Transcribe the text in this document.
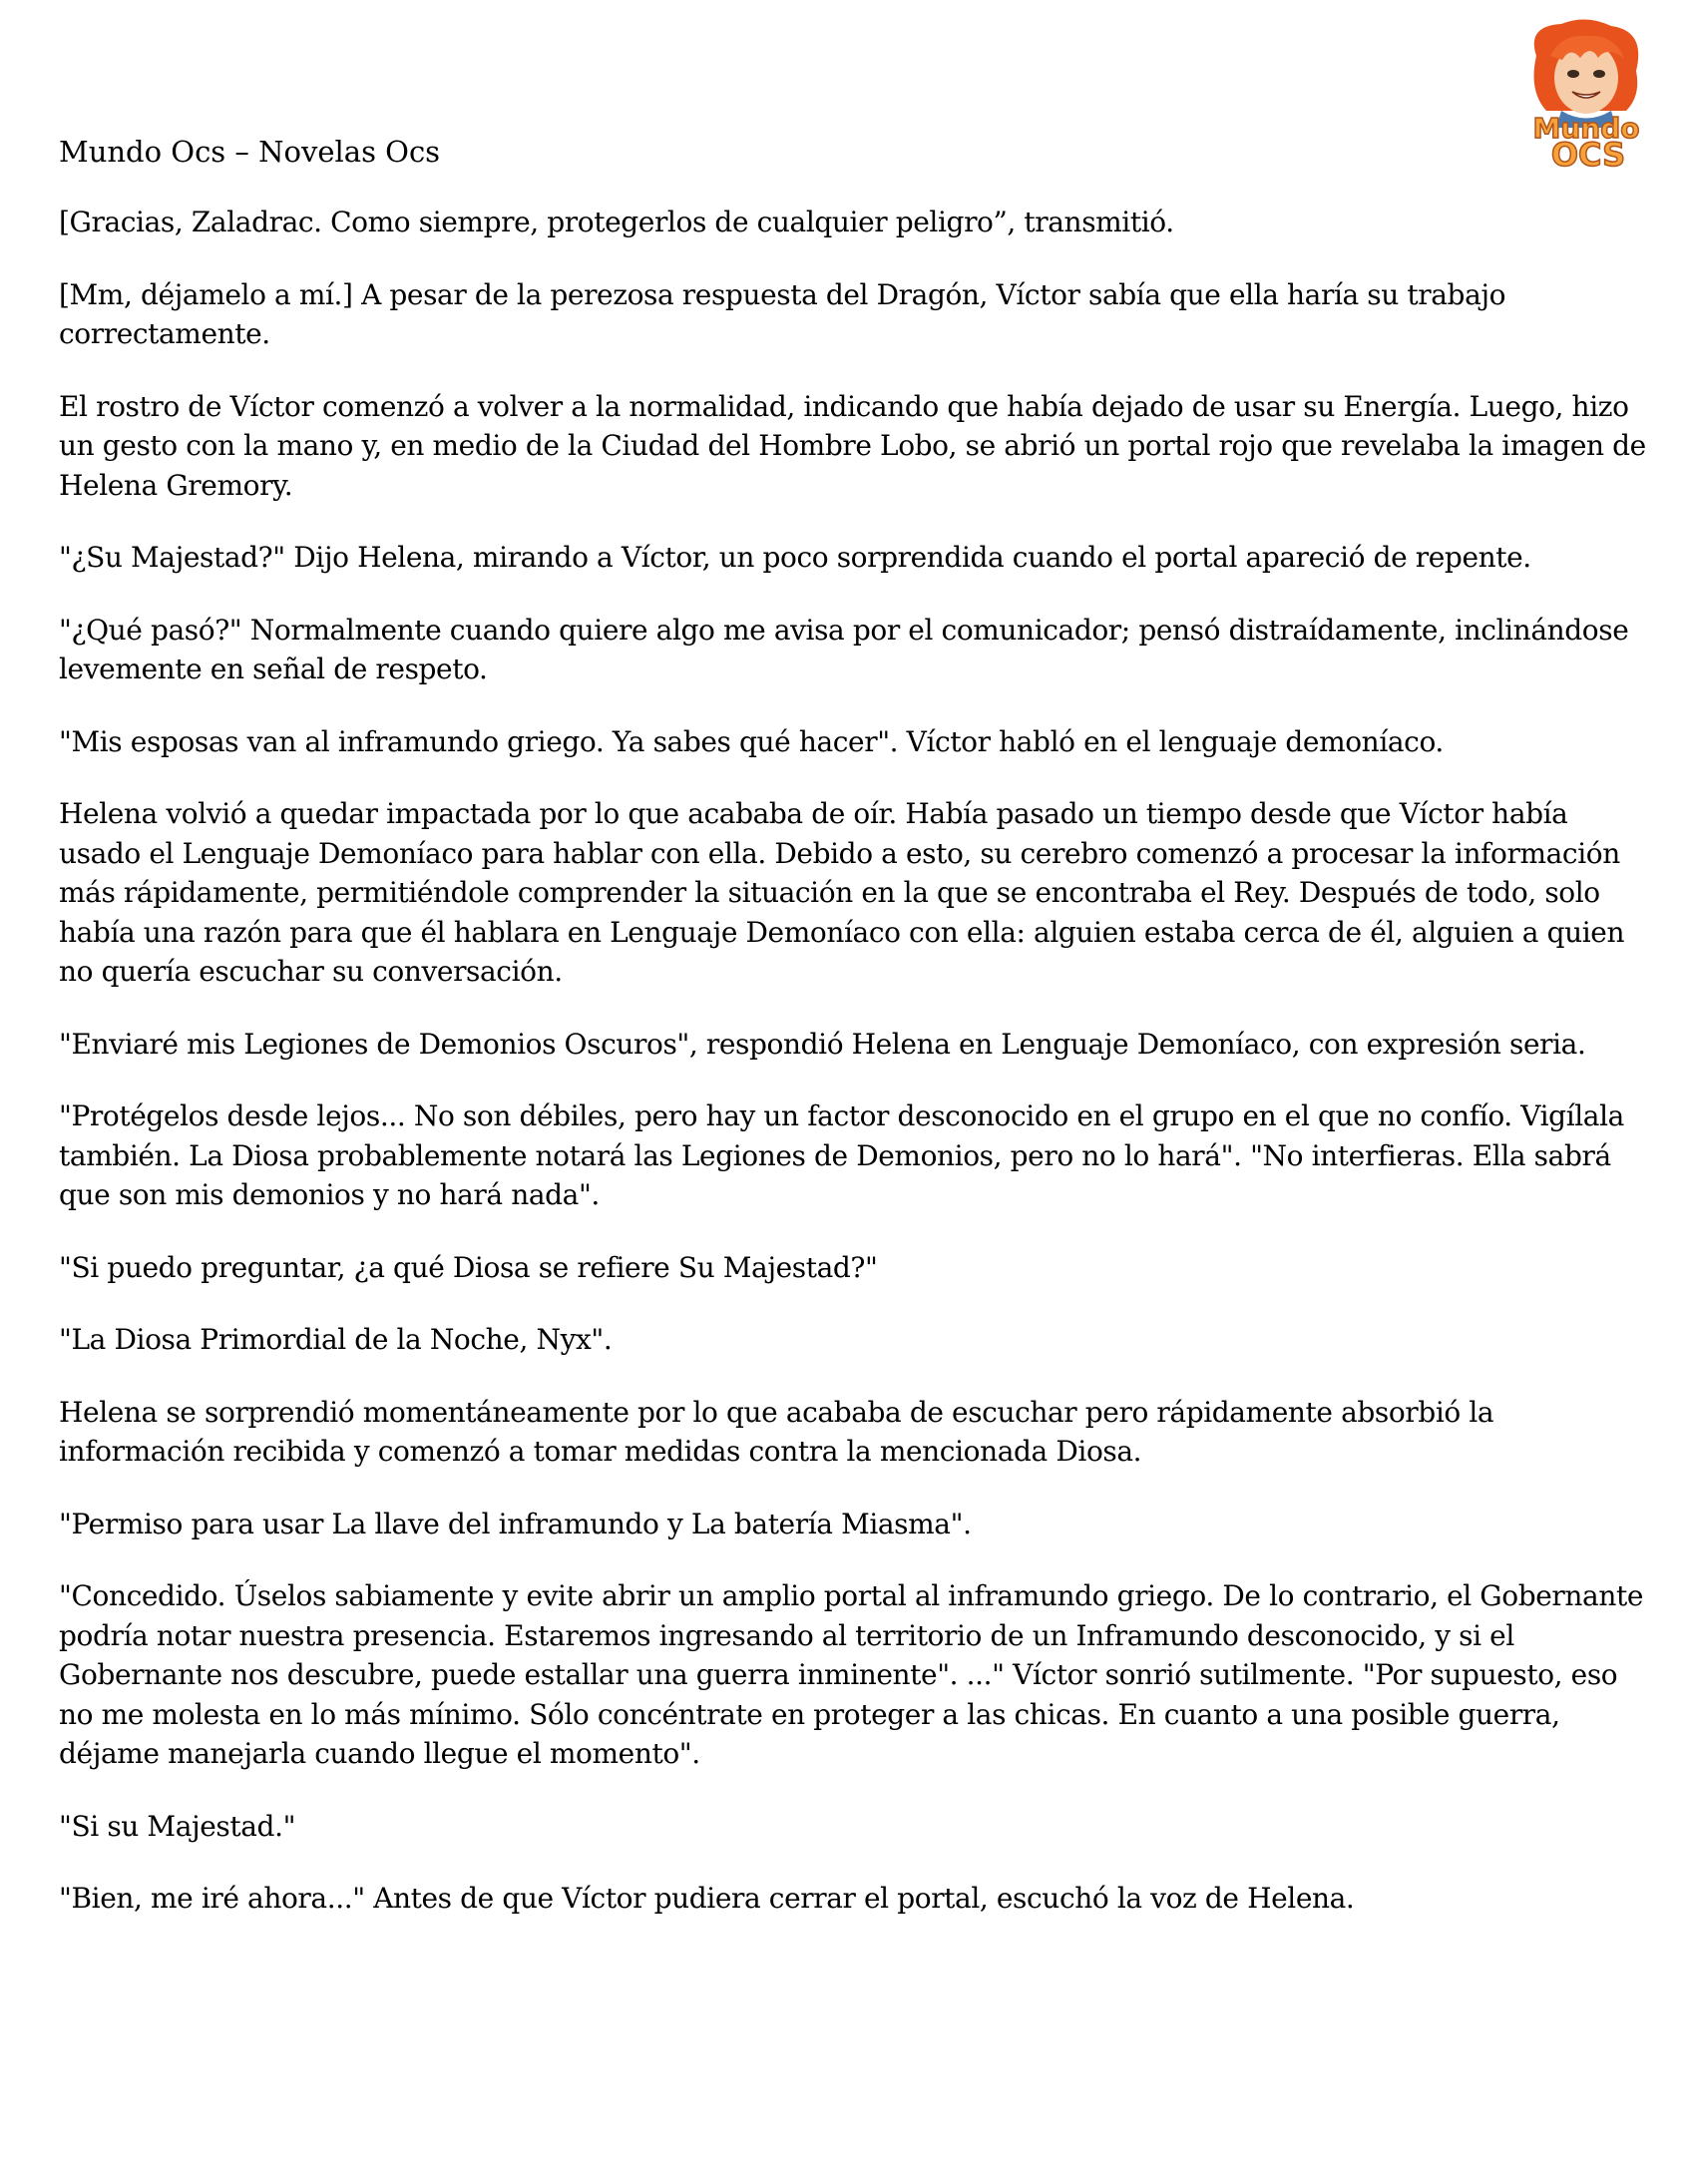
Mundo
OCS
Mundo Ocs – Novelas Ocs

[Gracias, Zaladrac. Como siempre, protegerlos de cualquier peligro”, transmitió.

[Mm, déjamelo a mí.] A pesar de la perezosa respuesta del Dragón, Víctor sabía que ella haría su trabajo correctamente.

El rostro de Víctor comenzó a volver a la normalidad, indicando que había dejado de usar su Energía. Luego, hizo un gesto con la mano y, en medio de la Ciudad del Hombre Lobo, se abrió un portal rojo que revelaba la imagen de Helena Gremory.

"¿Su Majestad?" Dijo Helena, mirando a Víctor, un poco sorprendida cuando el portal apareció de repente.

"¿Qué pasó?" Normalmente cuando quiere algo me avisa por el comunicador; pensó distraídamente, inclinándose levemente en señal de respeto.

"Mis esposas van al inframundo griego. Ya sabes qué hacer". Víctor habló en el lenguaje demoníaco.

Helena volvió a quedar impactada por lo que acababa de oír. Había pasado un tiempo desde que Víctor había usado el Lenguaje Demoníaco para hablar con ella. Debido a esto, su cerebro comenzó a procesar la información más rápidamente, permitiéndole comprender la situación en la que se encontraba el Rey. Después de todo, solo había una razón para que él hablara en Lenguaje Demoníaco con ella: alguien estaba cerca de él, alguien a quien no quería escuchar su conversación.

"Enviaré mis Legiones de Demonios Oscuros", respondió Helena en Lenguaje Demoníaco, con expresión seria.

"Protégelos desde lejos... No son débiles, pero hay un factor desconocido en el grupo en el que no confío. Vigílala también. La Diosa probablemente notará las Legiones de Demonios, pero no lo hará". "No interfieras. Ella sabrá que son mis demonios y no hará nada".

"Si puedo preguntar, ¿a qué Diosa se refiere Su Majestad?"

"La Diosa Primordial de la Noche, Nyx".

Helena se sorprendió momentáneamente por lo que acababa de escuchar pero rápidamente absorbió la información recibida y comenzó a tomar medidas contra la mencionada Diosa.

"Permiso para usar La llave del inframundo y La batería Miasma".

"Concedido. Úselos sabiamente y evite abrir un amplio portal al inframundo griego. De lo contrario, el Gobernante podría notar nuestra presencia. Estaremos ingresando al territorio de un Inframundo desconocido, y si el Gobernante nos descubre, puede estallar una guerra inminente". ..." Víctor sonrió sutilmente. "Por supuesto, eso no me molesta en lo más mínimo. Sólo concéntrate en proteger a las chicas. En cuanto a una posible guerra, déjame manejarla cuando llegue el momento".

"Si su Majestad."

"Bien, me iré ahora..." Antes de que Víctor pudiera cerrar el portal, escuchó la voz de Helena.
